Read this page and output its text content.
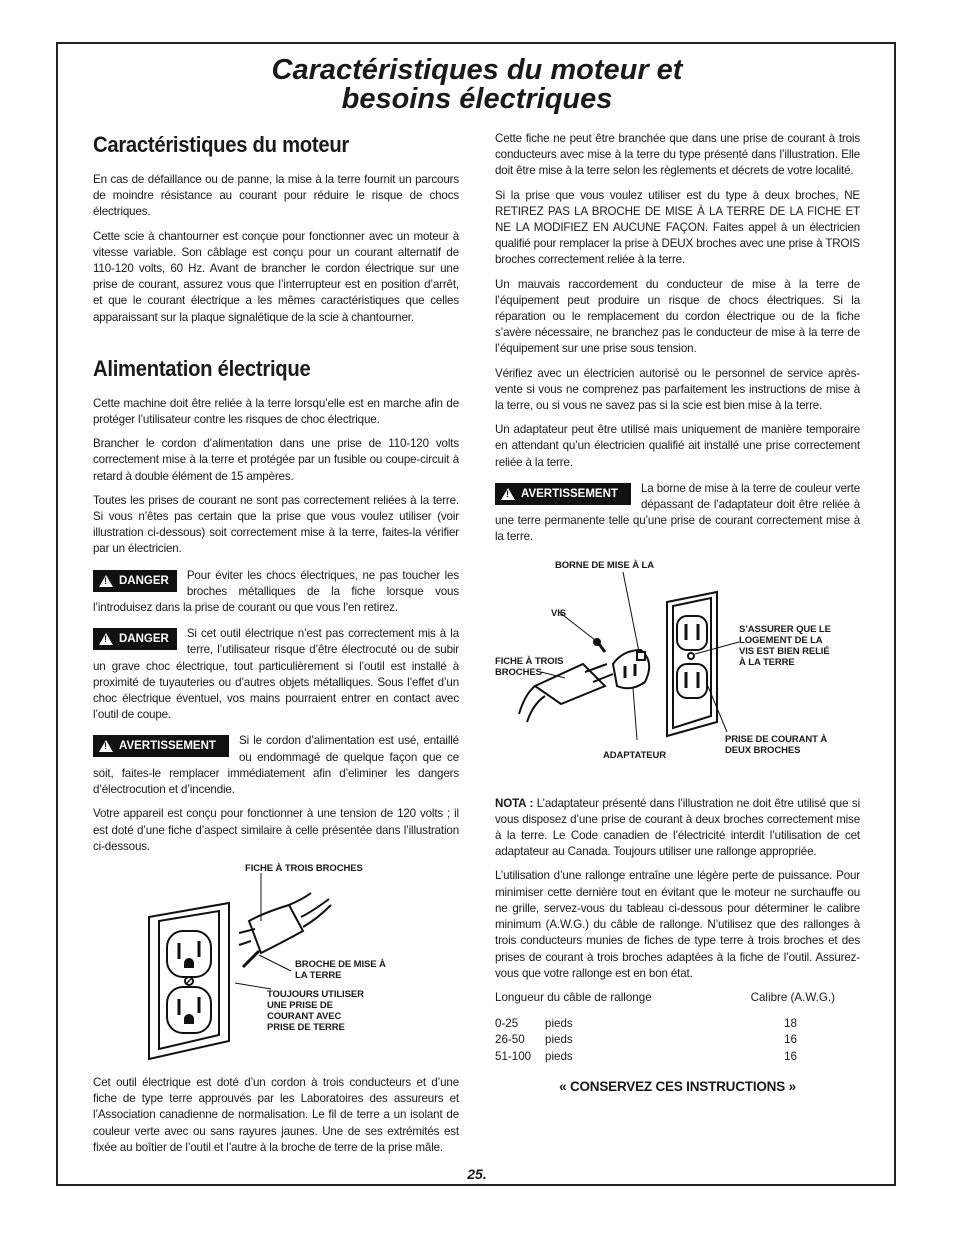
Caractéristiques du moteur et
besoins électriques
Caractéristiques du moteur

En cas de défaillance ou de panne, la mise à la terre fournit un parcours de moindre résistance au courant pour réduire le risque de chocs électriques.

Cette scie à chantourner est conçue pour fonctionner avec un moteur à vitesse variable. Son câblage est conçu pour un courant alternatif de 110-120 volts, 60 Hz. Avant de brancher le cordon électrique sur une prise de courant, assurez vous que l’interrupteur est en position d’arrêt, et que le courant électrique a les mêmes caractéristiques que celles apparaissant sur la plaque signalétique de la scie à chantourner.

Alimentation électrique

Cette machine doit être reliée à la terre lorsqu’elle est en marche afin de protéger l’utilisateur contre les risques de choc électrique.

Brancher le cordon d’alimentation dans une prise de 110-120 volts correctement mise à la terre et protégée par un fusible ou coupe-circuit à retard à double élément de 15 ampères.

Toutes les prises de courant ne sont pas correctement reliées à la terre. Si vous n’êtes pas certain que la prise que vous voulez utiliser (voir illustration ci-dessous) soit correctement mise à la terre, faites-la vérifier par un électricien.

!
DANGER Pour éviter les chocs électriques, ne pas toucher les broches métalliques de la fiche lorsque vous l’introduisez dans la prise de courant ou que vous l’en retirez.

!
DANGER Si cet outil électrique n’est pas correctement mis à la terre, l’utilisateur risque d’être électrocuté ou de subir un grave choc électrique, tout particulièrement si l’outil est installé à proximité de tuyauteries ou d’autres objets métalliques. Sous l’effet d’un choc électrique éventuel, vos mains pourraient entrer en contact avec l’outil de coupe.

!
AVERTISSEMENT Si le cordon d’alimentation est usé, entaillé ou endommagé de quelque façon que ce soit, faites-le remplacer immédiatement afin d’eliminer les dangers d’électrocution et d’incendie.

Votre appareil est conçu pour fonctionner à une tension de 120 volts ; il est doté d’une fiche d’aspect similaire à celle présentée dans l’illustration ci-dessous.

FICHE À TROIS BROCHES
BROCHE DE MISE À
LA TERRE
TOUJOURS UTILISER
UNE PRISE DE
COURANT AVEC
PRISE DE TERRE

Cet outil électrique est doté d’un cordon à trois conducteurs et d’une fiche de type terre approuvés par les Laboratoires des assureurs et l’Association canadienne de normalisation. Le fil de terre a un isolant de couleur verte avec ou sans rayures jaunes. Une de ses extrémités est fixée au boîtier de l’outil et l’autre à la broche de terre de la prise mâle.

Cette fiche ne peut être branchée que dans une prise de courant à trois conducteurs avec mise à la terre du type présenté dans l’illustration. Elle doit être mise à la terre selon les règlements et décrets de votre localité.

Si la prise que vous voulez utiliser est du type à deux broches, NE RETIREZ PAS LA BROCHE DE MISE À LA TERRE DE LA FICHE ET NE LA MODIFIEZ EN AUCUNE FAÇON. Faites appel à un électricien qualifié pour remplacer la prise à DEUX broches avec une prise à TROIS broches correctement reliée à la terre.

Un mauvais raccordement du conducteur de mise à la terre de l’équipement peut produire un risque de chocs électriques. Si la réparation ou le remplacement du cordon électrique ou de la fiche s’avère nécessaire, ne branchez pas le conducteur de mise à la terre de l’équipement sur une prise sous tension.

Vérifiez avec un électricien autorisé ou le personnel de service après-vente si vous ne comprenez pas parfaitement les instructions de mise à la terre, ou si vous ne savez pas si la scie est bien mise à la terre.

Un adaptateur peut être utilisé mais uniquement de manière temporaire en attendant qu’un électricien qualifié ait installé une prise correctement reliée à la terre.

!
AVERTISSEMENT La borne de mise à la terre de couleur verte dépassant de l’adaptateur doit être reliée à une terre permanente telle qu’une prise de courant correctement mise à la terre.

BORNE DE MISE À LA
VIS
S’ASSURER QUE LE
LOGEMENT DE LA
VIS EST BIEN RELIÉ
À LA TERRE
FICHE À TROIS
BROCHES
PRISE DE COURANT À
DEUX BROCHES
ADAPTATEUR

NOTA : L’adaptateur présenté dans l’illustration ne doit être utilisé que si vous disposez d’une prise de courant à deux broches correctement mise à la terre. Le Code canadien de l’électricité interdit l’utilisation de cet adaptateur au Canada. Toujours utiliser une rallonge appropriée.

L’utilisation d’une rallonge entraîne une légère perte de puissance. Pour minimiser cette dernière tout en évitant que le moteur ne surchauffe ou ne grille, servez-vous du tableau ci-dessous pour déterminer le calibre minimum (A.W.G.) du câble de rallonge. N’utilisez que des rallonges à trois conducteurs munies de fiches de type terre à trois broches et des prises de courant à trois broches adaptées à la fiche de l’outil. Assurez-vous que votre rallonge est en bon état.

Longueur du câble de rallonge		Calibre (A.W.G.)

0-25	pieds	18
26-50	pieds	16
51-100	pieds	16
« CONSERVEZ CES INSTRUCTIONS »
25.
